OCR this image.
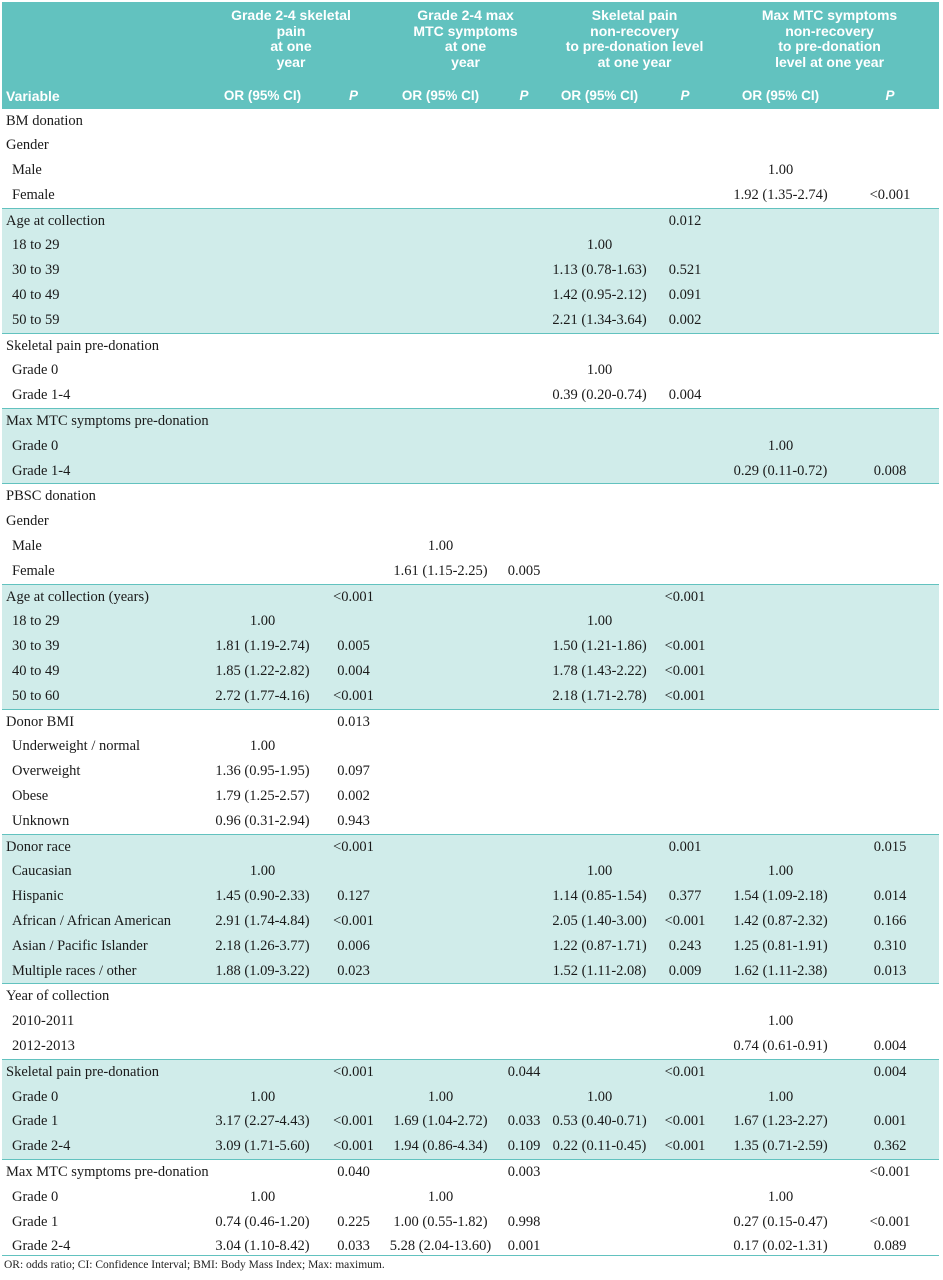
Variable	Grade 2-4 skeletal
pain
at one
year		Grade 2-4 max
MTC symptoms
at one
year		Skeletal pain
non-recovery
to pre-donation level
at one year		Max MTC symptoms
non-recovery
to pre-donation
level at one year	

	OR (95% CI)	P	OR (95% CI)	P	OR (95% CI)	P	OR (95% CI)	P
BM donation								
Gender								
Male							1.00	
Female							1.92 (1.35-2.74)	<0.001
Age at collection						0.012		
18 to 29					1.00			
30 to 39					1.13 (0.78-1.63)	0.521		
40 to 49					1.42 (0.95-2.12)	0.091		
50 to 59					2.21 (1.34-3.64)	0.002		
Skeletal pain pre-donation								
Grade 0					1.00			
Grade 1-4					0.39 (0.20-0.74)	0.004		
Max MTC symptoms pre-donation								
Grade 0							1.00	
Grade 1-4							0.29 (0.11-0.72)	0.008
PBSC donation								
Gender								
Male			1.00					
Female			1.61 (1.15-2.25)	0.005				
Age at collection (years)		<0.001				<0.001		
18 to 29	1.00				1.00			
30 to 39	1.81 (1.19-2.74)	0.005			1.50 (1.21-1.86)	<0.001		
40 to 49	1.85 (1.22-2.82)	0.004			1.78 (1.43-2.22)	<0.001		
50 to 60	2.72 (1.77-4.16)	<0.001			2.18 (1.71-2.78)	<0.001		
Donor BMI		0.013						
Underweight / normal	1.00							
Overweight	1.36 (0.95-1.95)	0.097						
Obese	1.79 (1.25-2.57)	0.002						
Unknown	0.96 (0.31-2.94)	0.943						
Donor race		<0.001				0.001		0.015
Caucasian	1.00				1.00		1.00	
Hispanic	1.45 (0.90-2.33)	0.127			1.14 (0.85-1.54)	0.377	1.54 (1.09-2.18)	0.014
African / African American	2.91 (1.74-4.84)	<0.001			2.05 (1.40-3.00)	<0.001	1.42 (0.87-2.32)	0.166
Asian / Pacific Islander	2.18 (1.26-3.77)	0.006			1.22 (0.87-1.71)	0.243	1.25 (0.81-1.91)	0.310
Multiple races / other	1.88 (1.09-3.22)	0.023			1.52 (1.11-2.08)	0.009	1.62 (1.11-2.38)	0.013
Year of collection								
2010-2011							1.00	
2012-2013							0.74 (0.61-0.91)	0.004
Skeletal pain pre-donation		<0.001		0.044		<0.001		0.004
Grade 0	1.00		1.00		1.00		1.00	
Grade 1	3.17 (2.27-4.43)	<0.001	1.69 (1.04-2.72)	0.033	0.53 (0.40-0.71)	<0.001	1.67 (1.23-2.27)	0.001
Grade 2-4	3.09 (1.71-5.60)	<0.001	1.94 (0.86-4.34)	0.109	0.22 (0.11-0.45)	<0.001	1.35 (0.71-2.59)	0.362
Max MTC symptoms pre-donation		0.040		0.003				<0.001
Grade 0	1.00		1.00				1.00	
Grade 1	0.74 (0.46-1.20)	0.225	1.00 (0.55-1.82)	0.998			0.27 (0.15-0.47)	<0.001
Grade 2-4	3.04 (1.10-8.42)	0.033	5.28 (2.04-13.60)	0.001			0.17 (0.02-1.31)	0.089
OR: odds ratio; CI: Confidence Interval; BMI: Body Mass Index; Max: maximum.
